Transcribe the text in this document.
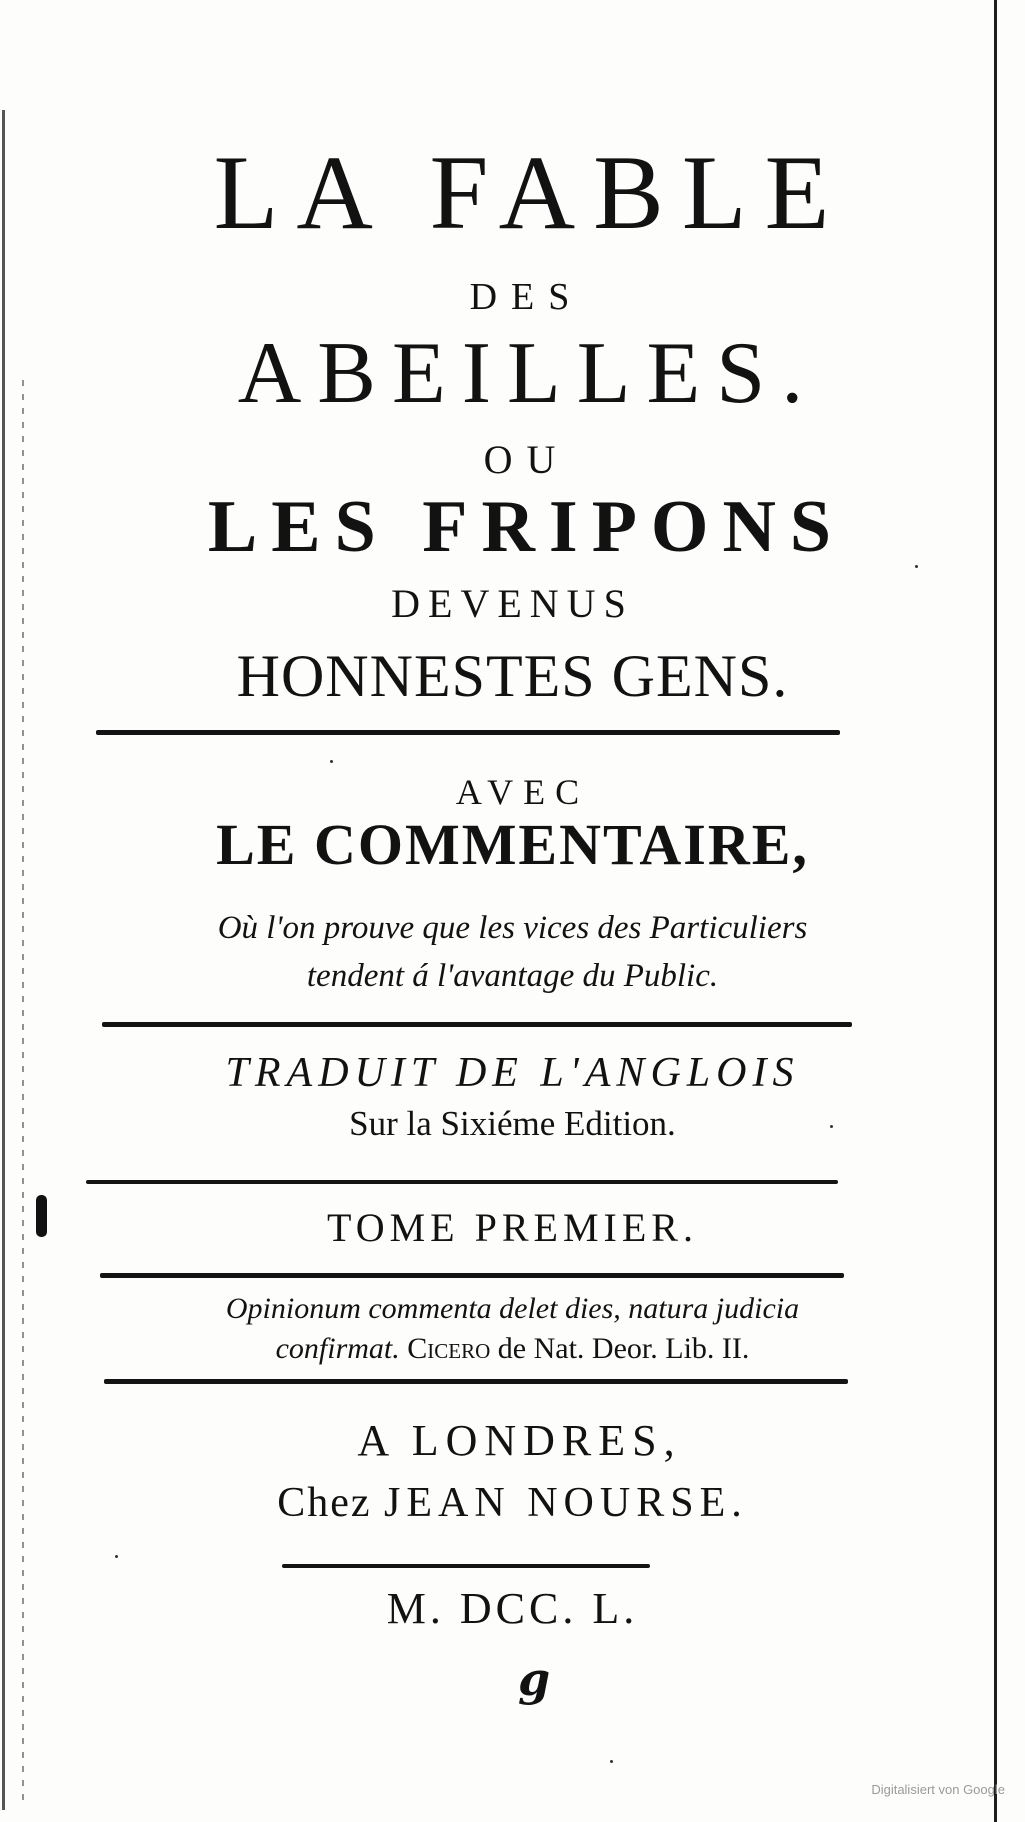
LA FABLE
DES
ABEILLES.
OU
LES FRIPONS
DEVENUS
HONNESTES GENS.
AVEC
LE COMMENTAIRE,
Où l'on prouve que les vices des Particuliers
tendent á l'avantage du Public.
TRADUIT DE L'ANGLOIS
Sur la Sixiéme Edition.
TOME PREMIER.
Opinionum commenta delet dies, natura judicia
confirmat. Cicero de Nat. Deor. Lib. II.
A LONDRES,
Chez JEAN NOURSE.
M. DCC. L.
g
Digitalisiert von Google
